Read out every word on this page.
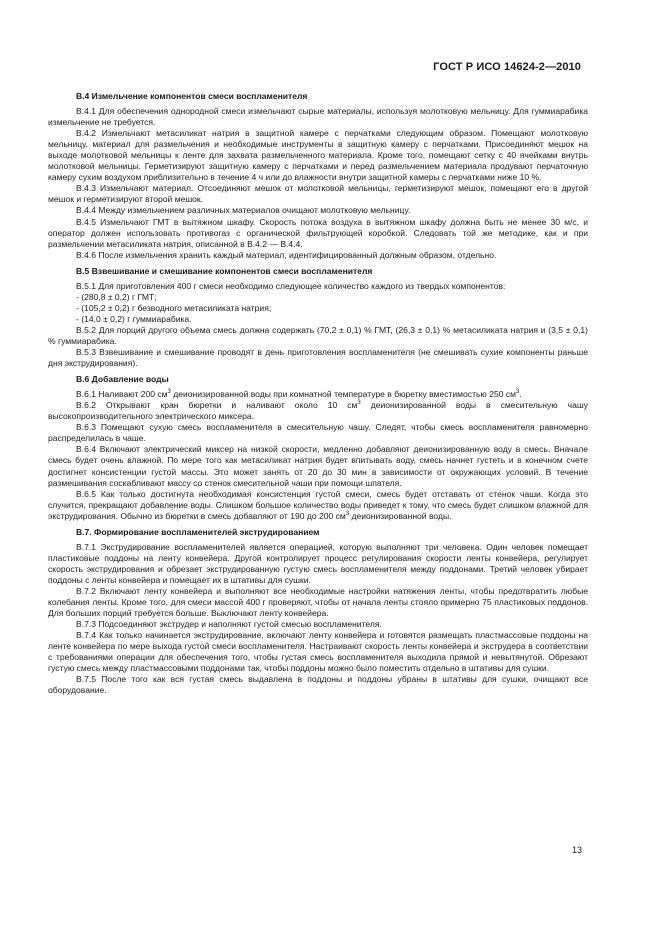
ГОСТ Р ИСО 14624-2—2010
B.4 Измельчение компонентов смеси воспламенителя

B.4.1 Для обеспечения однородной смеси измельчают сырые материалы, используя молотковую мельницу. Для гуммиарабика измельчение не требуется.

B.4.2 Измельчают метасиликат натрия в защитной камере с перчатками следующим образом. Помещают молотковую мельницу, материал для размельчения и необходимые инструменты в защитную камеру с перчатками. Присоединяют мешок на выходе молотковой мельницы к ленте для захвата размельченного материала. Кроме того, помещают сетку с 40 ячейками внутрь молотковой мельницы. Герметизируют защитную камеру с перчатками и перед размельчением материала продувают перчаточную камеру сухим воздухом приблизительно в течение 4 ч или до влажности внутри защитной камеры с перчатками ниже 10 %.

B.4.3 Измельчают материал. Отсоединяют мешок от молотковой мельницы, герметизируют мешок, помещают его в другой мешок и герметизируют второй мешок.

B.4.4 Между измельчением различных материалов очищают молотковую мельницу.

B.4.5 Измельчают ГМТ в вытяжном шкафу. Скорость потока воздуха в вытяжном шкафу должна быть не менее 30 м/с, и оператор должен использовать противогаз с органической фильтрующей коробкой. Следовать той же методике, как и при размельчении метасиликата натрия, описанной в B.4.2 — B.4.4.

B.4.6 После измельчения хранить каждый материал, идентифицированный должным образом, отдельно.

B.5 Взвешивание и смешивание компонентов смеси воспламенителя

B.5.1 Для приготовления 400 г смеси необходимо следующее количество каждого из твердых компонентов:

- (280,8 ± 0,2) г ГМТ;

- (105,2 ± 0,2) г безводного метасиликата натрия;

- (14,0 ± 0,2) г гуммиарабика.

B.5.2 Для порций другого объема смесь должна содержать (70,2 ± 0,1) % ГМТ, (26,3 ± 0,1) % метасиликата натрия и (3,5 ± 0,1) % гуммиарабика.

B.5.3 Взвешивание и смешивание проводят в день приготовления воспламенителя (не смешивать сухие компоненты раньше дня экструдирования).

B.6 Добавление воды

B.6.1 Наливают 200 $см^3$ деионизированной воды при комнатной температуре в бюретку вместимостью 250 $см^3$.

B.6.2 Открывают кран бюретки и наливают около 10 $см^3$ деионизированной воды в смесительную чашу высокопроизводительного электрического миксера.

B.6.3 Помещают сухую смесь воспламенителя в смесительную чашу. Следят, чтобы смесь воспламенителя равномерно распределилась в чаше.

B.6.4 Включают электрический миксер на низкой скорости, медленно добавляют деионизированную воду в смесь. Вначале смесь будет очень влажной. По мере того как метасиликат натрия будет впитывать воду, смесь начнет густеть и в конечном счете достигнет консистенции густой массы. Это может занять от 20 до 30 мин в зависимости от окружающих условий. В течение размешивания соскабливают массу со стенок смесительной чаши при помощи шпателя.

B.6.5 Как только достигнута необходимая консистенция густой смеси, смесь будет отставать от стенок чаши. Когда это случится, прекращают добавление воды. Слишком большое количество воды приведет к тому, что смесь будет слишком влажной для экструдирования. Обычно из бюретки в смесь добавляют от 190 до 200 $см^3$ деионизированной воды.

B.7. Формирование воспламенителей экструдированием

B.7.1 Экструдирование воспламенителей является операцией, которую выполняют три человека. Один человек помещает пластиковые поддоны на ленту конвейера. Другой контролирует процесс регулирования скорости ленты конвейера, регулирует скорость экструдирования и обрезает экструдированную густую смесь воспламенителя между поддонами. Третий человек убирает поддоны с ленты конвейера и помещает их в штативы для сушки.

B.7.2 Включают ленту конвейера и выполняют все необходимые настройки натяжения ленты, чтобы предотвратить любые колебания ленты. Кроме того, для смеси массой 400 г проверяют, чтобы от начала ленты стояло примерно 75 пластиковых поддонов. Для больших порций требуется больше. Выключают ленту конвейера.

B.7.3 Подсоединяют экструдер и наполняют густой смесью воспламенителя.

B.7.4 Как только начинается экструдирование, включают ленту конвейера и готовятся размещать пластмассовые поддоны на ленте конвейера по мере выхода густой смеси воспламенителя. Настраивают скорость ленты конвейера и экструдера в соответствии с требованиями операции для обеспечения того, чтобы густая смесь воспламенителя выходила прямой и невытянутой. Обрезают густую смесь между пластмассовыми поддонами так, чтобы поддоны можно было поместить отдельно в штативы для сушки.

B.7.5 После того как вся густая смесь выдавлена в поддоны и поддоны убраны в штативы для сушки, очищают все оборудование.

13
